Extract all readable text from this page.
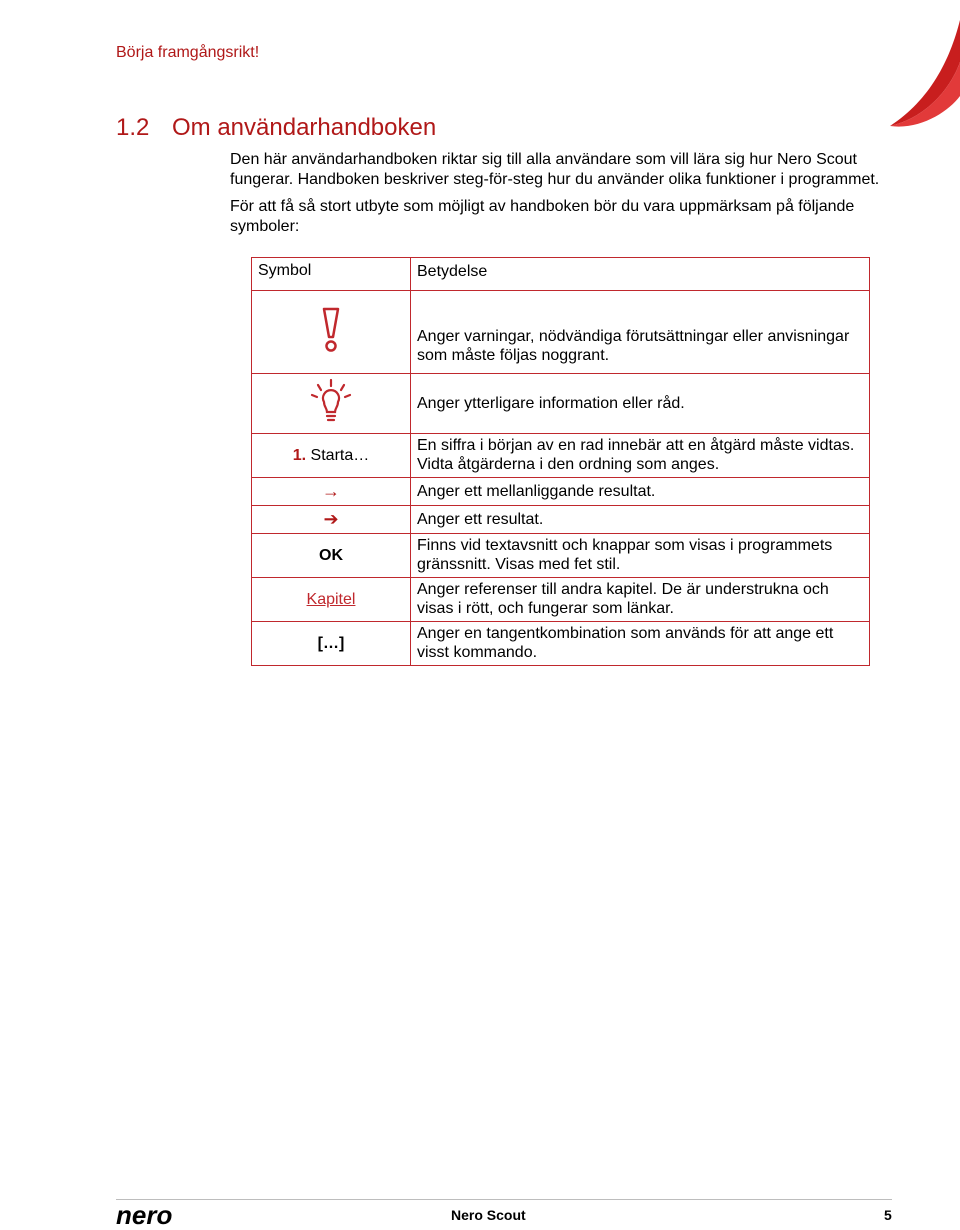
Börja framgångsrikt!
1.2 Om användarhandboken

Den här användarhandboken riktar sig till alla användare som vill lära sig hur Nero Scout fungerar. Handboken beskriver steg-för-steg hur du använder olika funktioner i programmet.

För att få så stort utbyte som möjligt av handboken bör du vara uppmärksam på följande symboler:

Symbol	Betydelse
	Anger varningar, nödvändiga förutsättningar eller anvisningar som måste följas noggrant.
	Anger ytterligare information eller råd.
1. Starta…	En siffra i början av en rad innebär att en åtgärd måste vidtas. Vidta åtgärderna i den ordning som anges.
→	Anger ett mellanliggande resultat.
➔	Anger ett resultat.
OK	Finns vid textavsnitt och knappar som visas i programmets gränssnitt. Visas med fet stil.
Kapitel	Anger referenser till andra kapitel. De är understrukna och visas i rött, och fungerar som länkar.
[…]	Anger en tangentkombination som används för att ange ett visst kommando.
nero	Nero Scout	5
